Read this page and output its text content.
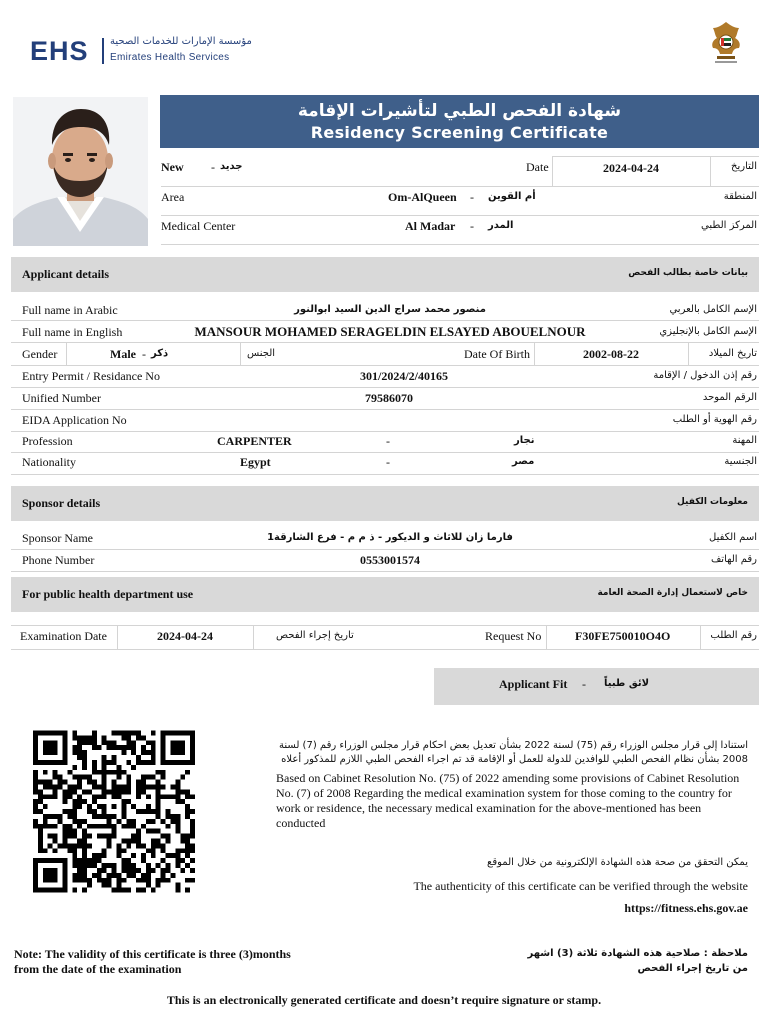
EHS مؤسسة الإمارات للخدمات الصحية
Emirates Health Services
شهادة الفحص الطبي لتأشيرات الإقامة
Residency Screening Certificate
New - جديد	Date	2024-04-24	التاريخ
Area	Om-AlQueen - أم القوين	المنطقة
Medical Center	Al Madar - المدر	المركز الطبي
Applicant details	بيانات خاصة بطالب الفحص
Full name in Arabic	منصور محمد سراج الدين السيد ابوالنور	الإسم الكامل بالعربي
Full name in English	MANSOUR MOHAMED SERAGELDIN ELSAYED ABOUELNOUR	الإسم الكامل بالإنجليزي
Gender	Male - ذكر	الجنس	Date Of Birth	2002-08-22	تاريخ الميلاد
Entry Permit / Residance No	301/2024/2/40165	رقم إذن الدخول / الإقامة
Unified Number	79586070	الرقم الموحد
EIDA Application No	رقم الهوية أو الطلب
Profession	CARPENTER	-	نجار	المهنة
Nationality	Egypt	-	مصر	الجنسية
Sponsor details	معلومات الكفيل
Sponsor Name	فارما زان للاثاث و الديكور - ذ م م - فرع الشارقة1	اسم الكفيل
Phone Number	0553001574	رقم الهاتف
For public health department use	خاص لاستعمال إدارة الصحة العامة
Examination Date	2024-04-24	تاريخ إجراء الفحص	Request No	F30FE750010O4O	رقم الطلب
Applicant Fit - لائق طبياً
استنادا إلى قرار مجلس الوزراء رقم (75) لسنة 2022 بشأن تعديل بعض احكام قرار مجلس الوزراء رقم (7) لسنة 2008 بشأن نظام الفحص الطبي للوافدين للدولة للعمل أو الإقامة قد تم اجراء الفحص الطبي اللازم للمذكور أعلاه
Based on Cabinet Resolution No. (75) of 2022 amending some provisions of Cabinet Resolution No. (7) of 2008 Regarding the medical examination system for those coming to the country for work or residence, the necessary medical examination for the above-mentioned has been conducted
يمكن التحقق من صحة هذه الشهادة الإلكترونية من خلال الموقع
The authenticity of this certificate can be verified through the website
https://fitness.ehs.gov.ae
Note: The validity of this certificate is three (3)months
from the date of the examination
ملاحظة : صلاحية هذه الشهادة ثلاثة (3) اشهر
من تاريخ إجراء الفحص
This is an electronically generated certificate and doesn’t require signature or stamp.
